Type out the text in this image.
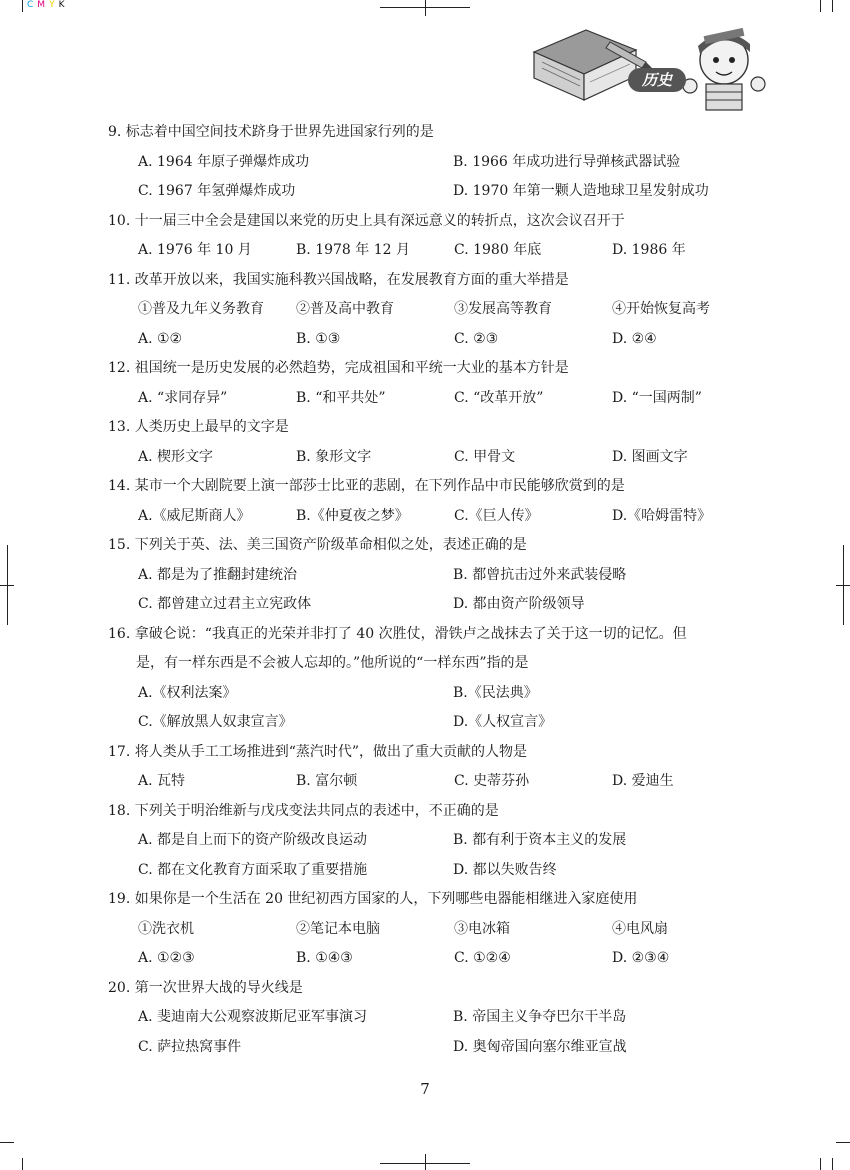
CMYK
历史
9. 标志着中国空间技术跻身于世界先进国家行列的是
A. 1964 年原子弹爆炸成功	B. 1966 年成功进行导弹核武器试验
C. 1967 年氢弹爆炸成功	D. 1970 年第一颗人造地球卫星发射成功
10. 十一届三中全会是建国以来党的历史上具有深远意义的转折点，这次会议召开于
A. 1976 年 10 月	B. 1978 年 12 月	C. 1980 年底	D. 1986 年
11. 改革开放以来，我国实施科教兴国战略，在发展教育方面的重大举措是
①普及九年义务教育	②普及高中教育	③发展高等教育	④开始恢复高考
A. ①②	B. ①③	C. ②③	D. ②④
12. 祖国统一是历史发展的必然趋势，完成祖国和平统一大业的基本方针是
A. “求同存异”	B. “和平共处”	C. “改革开放”	D. “一国两制”
13. 人类历史上最早的文字是
A. 楔形文字	B. 象形文字	C. 甲骨文	D. 图画文字
14. 某市一个大剧院要上演一部莎士比亚的悲剧，在下列作品中市民能够欣赏到的是
A.《威尼斯商人》	B.《仲夏夜之梦》	C.《巨人传》	D.《哈姆雷特》
15. 下列关于英、法、美三国资产阶级革命相似之处，表述正确的是
A. 都是为了推翻封建统治	B. 都曾抗击过外来武装侵略
C. 都曾建立过君主立宪政体	D. 都由资产阶级领导
16. 拿破仑说：“我真正的光荣并非打了 40 次胜仗，滑铁卢之战抹去了关于这一切的记忆。但
是，有一样东西是不会被人忘却的。”他所说的“一样东西”指的是
A.《权利法案》	B.《民法典》
C.《解放黑人奴隶宣言》	D.《人权宣言》
17. 将人类从手工工场推进到“蒸汽时代”，做出了重大贡献的人物是
A. 瓦特	B. 富尔顿	C. 史蒂芬孙	D. 爱迪生
18. 下列关于明治维新与戊戌变法共同点的表述中，不正确的是
A. 都是自上而下的资产阶级改良运动	B. 都有利于资本主义的发展
C. 都在文化教育方面采取了重要措施	D. 都以失败告终
19. 如果你是一个生活在 20 世纪初西方国家的人，下列哪些电器能相继进入家庭使用
①洗衣机	②笔记本电脑	③电冰箱	④电风扇
A. ①②③	B. ①④③	C. ①②④	D. ②③④
20. 第一次世界大战的导火线是
A. 斐迪南大公观察波斯尼亚军事演习	B. 帝国主义争夺巴尔干半岛
C. 萨拉热窝事件	D. 奥匈帝国向塞尔维亚宣战
7
